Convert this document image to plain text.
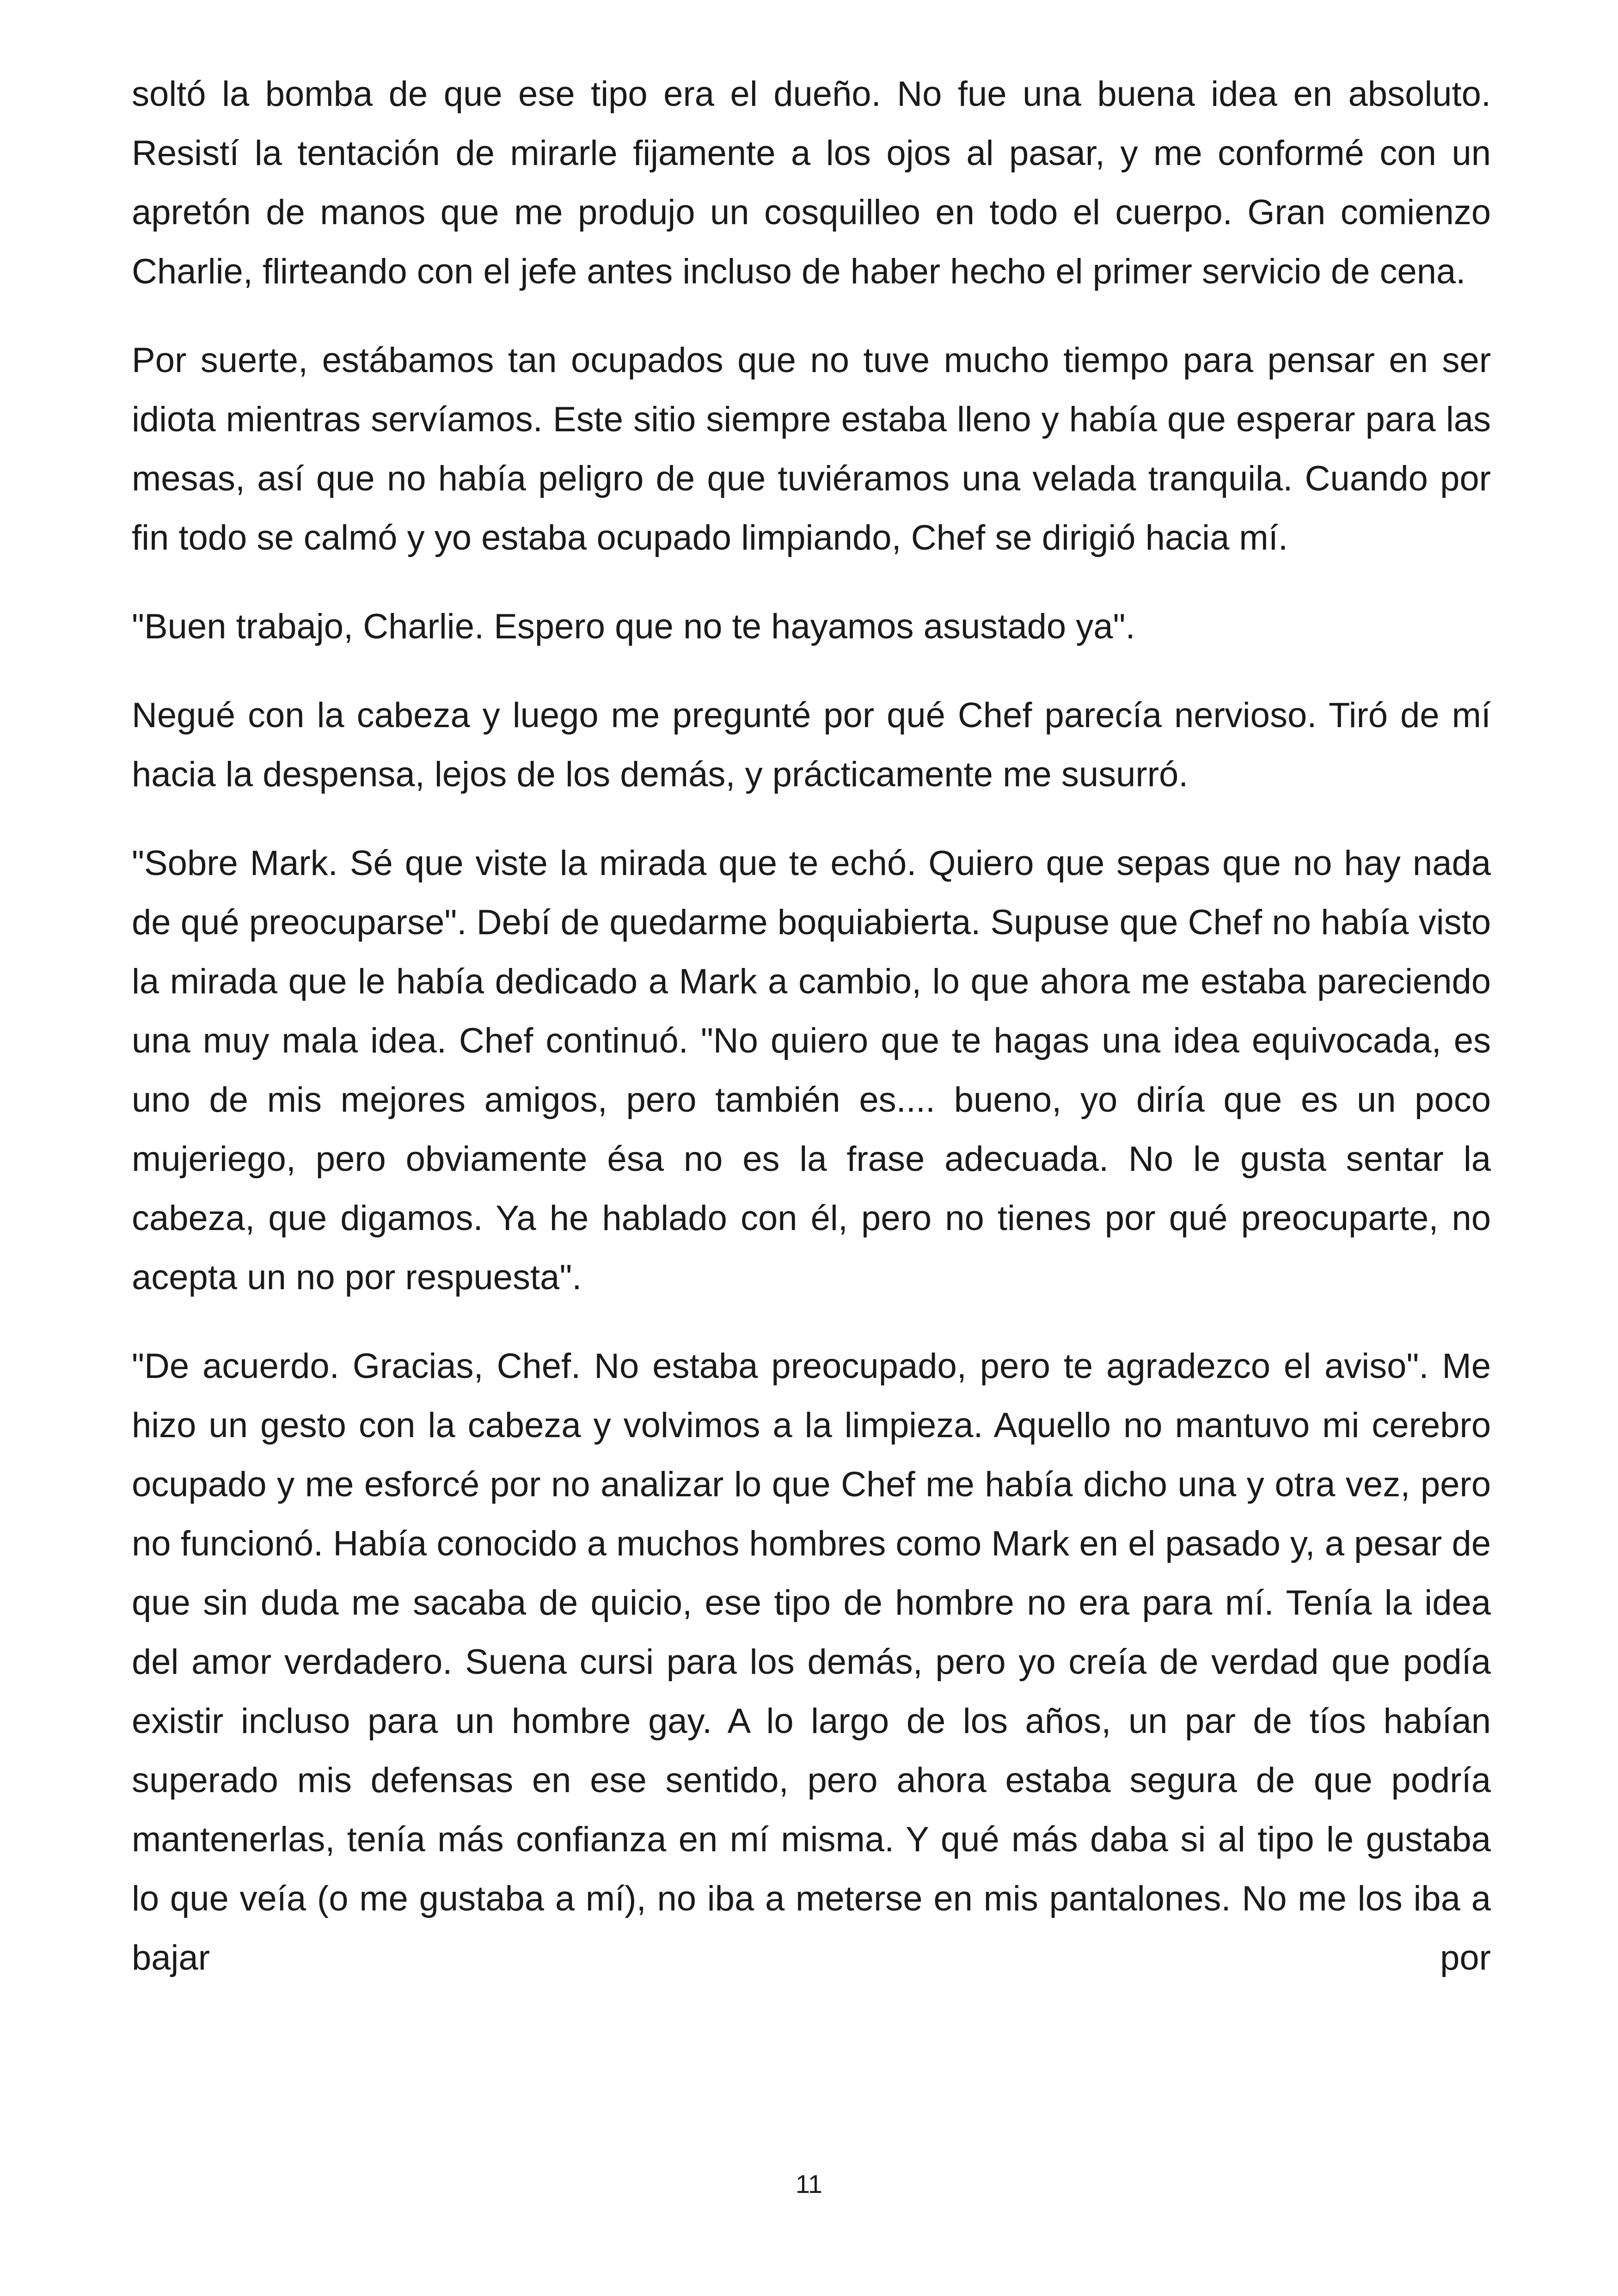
soltó la bomba de que ese tipo era el dueño. No fue una buena idea en absoluto. Resistí la tentación de mirarle fijamente a los ojos al pasar, y me conformé con un apretón de manos que me produjo un cosquilleo en todo el cuerpo. Gran comienzo Charlie, flirteando con el jefe antes incluso de haber hecho el primer servicio de cena.

Por suerte, estábamos tan ocupados que no tuve mucho tiempo para pensar en ser idiota mientras servíamos. Este sitio siempre estaba lleno y había que esperar para las mesas, así que no había peligro de que tuviéramos una velada tranquila. Cuando por fin todo se calmó y yo estaba ocupado limpiando, Chef se dirigió hacia mí.

"Buen trabajo, Charlie. Espero que no te hayamos asustado ya".

Negué con la cabeza y luego me pregunté por qué Chef parecía nervioso. Tiró de mí hacia la despensa, lejos de los demás, y prácticamente me susurró.

"Sobre Mark. Sé que viste la mirada que te echó. Quiero que sepas que no hay nada de qué preocuparse". Debí de quedarme boquiabierta. Supuse que Chef no había visto la mirada que le había dedicado a Mark a cambio, lo que ahora me estaba pareciendo una muy mala idea. Chef continuó. "No quiero que te hagas una idea equivocada, es uno de mis mejores amigos, pero también es.... bueno, yo diría que es un poco mujeriego, pero obviamente ésa no es la frase adecuada. No le gusta sentar la cabeza, que digamos. Ya he hablado con él, pero no tienes por qué preocuparte, no acepta un no por respuesta".

"De acuerdo. Gracias, Chef. No estaba preocupado, pero te agradezco el aviso". Me hizo un gesto con la cabeza y volvimos a la limpieza. Aquello no mantuvo mi cerebro ocupado y me esforcé por no analizar lo que Chef me había dicho una y otra vez, pero no funcionó. Había conocido a muchos hombres como Mark en el pasado y, a pesar de que sin duda me sacaba de quicio, ese tipo de hombre no era para mí. Tenía la idea del amor verdadero. Suena cursi para los demás, pero yo creía de verdad que podía existir incluso para un hombre gay. A lo largo de los años, un par de tíos habían superado mis defensas en ese sentido, pero ahora estaba segura de que podría mantenerlas, tenía más confianza en mí misma. Y qué más daba si al tipo le gustaba lo que veía (o me gustaba a mí), no iba a meterse en mis pantalones. No me los iba a bajar por

11
